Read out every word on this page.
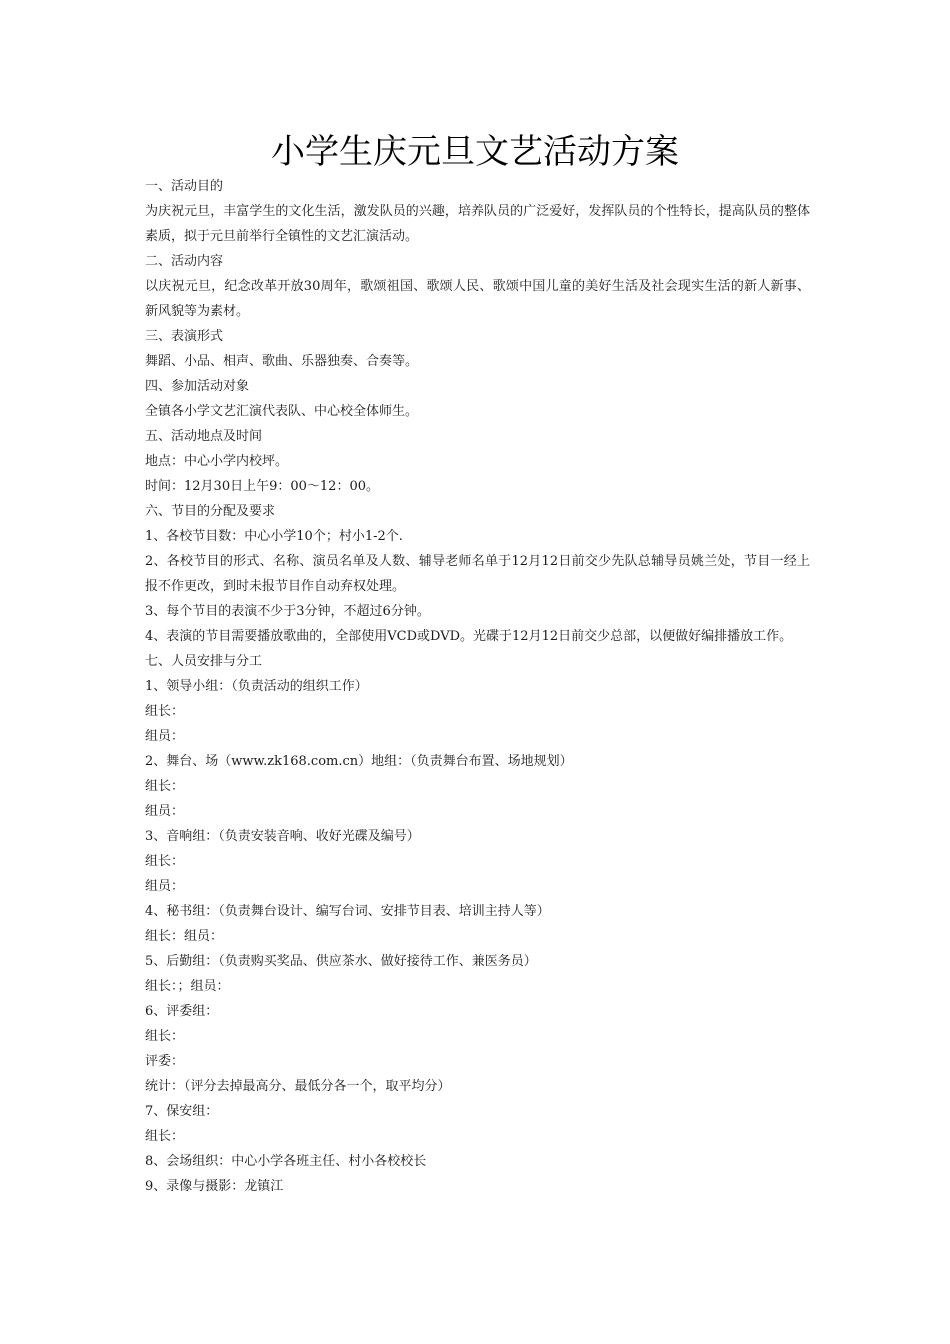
小学生庆元旦文艺活动方案
一、活动目的
为庆祝元旦，丰富学生的文化生活，激发队员的兴趣，培养队员的广泛爱好，发挥队员的个性特长，提高队员的整体素质，拟于元旦前举行全镇性的文艺汇演活动。
二、活动内容
以庆祝元旦，纪念改革开放30周年，歌颂祖国、歌颂人民、歌颂中国儿童的美好生活及社会现实生活的新人新事、新风貌等为素材。
三、表演形式
舞蹈、小品、相声、歌曲、乐器独奏、合奏等。
四、参加活动对象
全镇各小学文艺汇演代表队、中心校全体师生。
五、活动地点及时间
地点：中心小学内校坪。
时间：12月30日上午9：00～12：00。
六、节目的分配及要求
1、各校节目数：中心小学10个；村小1-2个.
2、各校节目的形式、名称、演员名单及人数、辅导老师名单于12月12日前交少先队总辅导员姚兰处，节目一经上报不作更改，到时未报节目作自动弃权处理。
3、每个节目的表演不少于3分钟，不超过6分钟。
4、表演的节目需要播放歌曲的，全部使用VCD或DVD。光碟于12月12日前交少总部，以便做好编排播放工作。
七、人员安排与分工
1、领导小组：（负责活动的组织工作）
组长：
组员：
2、舞台、场（www.zk168.com.cn）地组：（负责舞台布置、场地规划）
组长：
组员：
3、音响组：（负责安装音响、收好光碟及编号）
组长：
组员：
4、秘书组：（负责舞台设计、编写台词、安排节目表、培训主持人等）
组长：组员：
5、后勤组：（负责购买奖品、供应茶水、做好接待工作、兼医务员）
组长：；组员：
6、评委组：
组长：
评委：
统计：（评分去掉最高分、最低分各一个，取平均分）
7、保安组：
组长：
8、会场组织：中心小学各班主任、村小各校校长
9、录像与摄影：龙镇江
